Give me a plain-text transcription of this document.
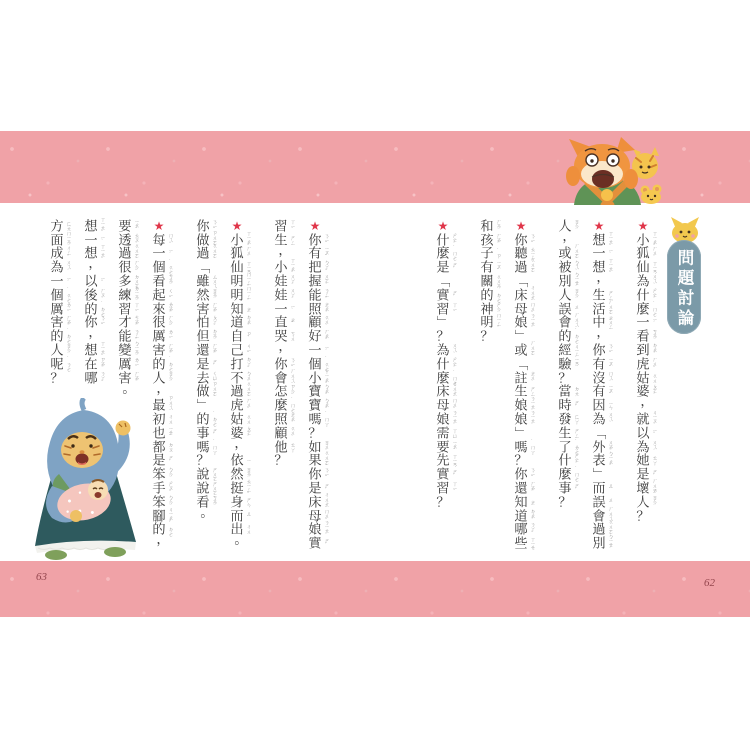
問題討論
★
小 ㄒㄧㄠˇ
狐 ㄏㄨˊ
仙 ㄒㄧㄢ
為 ㄨㄟˋ
什 ㄕㄜˊ
麼 ˙ㄇㄜ
一 ㄧˊ
看 ㄎㄢˋ
到 ㄉㄠˋ
虎 ㄏㄨˇ
姑 ㄍㄨ
婆 ㄆㄛˊ
，
就 ㄐㄧㄡˋ
以 ㄧˇ
為 ㄨㄟˊ
她 ㄊㄚ
是 ㄕˋ
壞 ㄏㄨㄞˋ
人 ㄖㄣˊ
？
★
想 ㄒㄧㄤˇ
一 ㄧˋ
想 ㄒㄧㄤˇ
，
生 ㄕㄥ
活 ㄏㄨㄛˊ
中 ㄓㄨㄥ
，
你 ㄋㄧˇ
有 ㄧㄡˇ
沒 ㄇㄟˊ
有 ㄧㄡˇ
因 ㄧㄣ
為 ㄨㄟˋ
「
外 ㄨㄞˋ
表 ㄅㄧㄠˇ
」
而 ㄦˊ
誤 ㄨˋ
會 ㄏㄨㄟˋ
過 ㄍㄨㄛˋ
別 ㄅㄧㄝˊ
人 ㄖㄣˊ
，
或 ㄏㄨㄛˋ
被 ㄅㄟˋ
別 ㄅㄧㄝˊ
人 ㄖㄣˊ
誤 ㄨˋ
會 ㄏㄨㄟˋ
的 ˙ㄉㄜ
經 ㄐㄧㄥ
驗 ㄧㄢˋ
？
當 ㄉㄤ
時 ㄕˊ
發 ㄈㄚ
生 ㄕㄥ
了 ˙ㄌㄜ
什 ㄕㄜˊ
麼 ˙ㄇㄜ
事 ㄕˋ
？
★
你 ㄋㄧˇ
聽 ㄊㄧㄥ
過 ㄍㄨㄛˋ
「
床 ㄔㄨㄤˊ
母 ㄇㄨˇ
娘 ㄋㄧㄤˊ
」
或 ㄏㄨㄛˋ
「
註 ㄓㄨˋ
生 ㄕㄥ
娘 ㄋㄧㄤˊ
娘 ㄋㄧㄤˊ
」
嗎 ˙ㄇㄚ
？
你 ㄋㄧˇ
還 ㄏㄞˊ
知 ㄓ
道 ㄉㄠˋ
哪 ㄋㄚˇ
些 ㄒㄧㄝ
和 ㄏㄢˋ
孩 ㄏㄞˊ
子 ˙ㄗ
有 ㄧㄡˇ
關 ㄍㄨㄢ
的 ˙ㄉㄜ
神 ㄕㄣˊ
明 ㄇㄧㄥˊ
？
★
什 ㄕㄜˊ
麼 ˙ㄇㄜ
是 ㄕˋ
「
實 ㄕˊ
習 ㄒㄧˊ
」
？
為 ㄨㄟˋ
什 ㄕㄜˊ
麼 ˙ㄇㄜ
床 ㄔㄨㄤˊ
母 ㄇㄨˇ
娘 ㄋㄧㄤˊ
需 ㄒㄩ
要 ㄧㄠˋ
先 ㄒㄧㄢ
實 ㄕˊ
習 ㄒㄧˊ
？
★
你 ㄋㄧˇ
有 ㄧㄡˇ
把 ㄅㄚˇ
握 ㄨㄛˋ
能 ㄋㄥˊ
照 ㄓㄠˋ
顧 ㄍㄨˋ
好 ㄏㄠˇ
一 ㄧˊ
個 ˙ㄍㄜ
小 ㄒㄧㄠˇ
寶 ㄅㄠˇ
寶 ㄅㄠˇ
嗎 ˙ㄇㄚ
？
如 ㄖㄨˊ
果 ㄍㄨㄛˇ
你 ㄋㄧˇ
是 ㄕˋ
床 ㄔㄨㄤˊ
母 ㄇㄨˇ
娘 ㄋㄧㄤˊ
實 ㄕˊ
習 ㄒㄧˊ
生 ㄕㄥ
，
小 ㄒㄧㄠˇ
娃 ㄨㄚˊ
娃 ㄨㄚˊ
一 ㄧˋ
直 ㄓˊ
哭 ㄎㄨ
，
你 ㄋㄧˇ
會 ㄏㄨㄟˋ
怎 ㄗㄣˇ
麼 ˙ㄇㄜ
照 ㄓㄠˋ
顧 ㄍㄨˋ
他 ㄊㄚ
？
★
小 ㄒㄧㄠˇ
狐 ㄏㄨˊ
仙 ㄒㄧㄢ
明 ㄇㄧㄥˊ
明 ㄇㄧㄥˊ
知 ㄓ
道 ㄉㄠˋ
自 ㄗˋ
己 ㄐㄧˇ
打 ㄉㄚˇ
不 ㄅㄨˊ
過 ㄍㄨㄛˋ
虎 ㄏㄨˇ
姑 ㄍㄨ
婆 ㄆㄛˊ
，
依 ㄧ
然 ㄖㄢˊ
挺 ㄊㄧㄥˇ
身 ㄕㄣ
而 ㄦˊ
出 ㄔㄨ
。
你 ㄋㄧˇ
做 ㄗㄨㄛˋ
過 ㄍㄨㄛˋ
「
雖 ㄙㄨㄟ
然 ㄖㄢˊ
害 ㄏㄞˋ
怕 ㄆㄚˋ
但 ㄉㄢˋ
還 ㄏㄞˊ
是 ㄕˋ
去 ㄑㄩˋ
做 ㄗㄨㄛˋ
」
的 ˙ㄉㄜ
事 ㄕˋ
嗎 ˙ㄇㄚ
？
說 ㄕㄨㄛ
說 ㄕㄨㄛ
看 ㄎㄢˋ
。
★
每 ㄇㄟˇ
一 ㄧˊ
個 ˙ㄍㄜ
看 ㄎㄢˋ
起 ㄑㄧˇ
來 ㄌㄞˊ
很 ㄏㄣˇ
厲 ㄌㄧˋ
害 ㄏㄞˋ
的 ˙ㄉㄜ
人 ㄖㄣˊ
，
最 ㄗㄨㄟˋ
初 ㄔㄨ
也 ㄧㄝˇ
都 ㄉㄡ
是 ㄕˋ
笨 ㄅㄣˋ
手 ㄕㄡˇ
笨 ㄅㄣˋ
腳 ㄐㄧㄠˇ
的 ˙ㄉㄜ
，
要 ㄧㄠˋ
透 ㄊㄡˋ
過 ㄍㄨㄛˋ
很 ㄏㄣˇ
多 ㄉㄨㄛ
練 ㄌㄧㄢˋ
習 ㄒㄧˊ
才 ㄘㄞˊ
能 ㄋㄥˊ
變 ㄅㄧㄢˋ
厲 ㄌㄧˋ
害 ㄏㄞˋ
。
想 ㄒㄧㄤˇ
一 ㄧˋ
想 ㄒㄧㄤˇ
，
以 ㄧˇ
後 ㄏㄡˋ
的 ˙ㄉㄜ
你 ㄋㄧˇ
，
想 ㄒㄧㄤˇ
在 ㄗㄞˋ
哪 ㄋㄚˇ
方 ㄈㄤ
面 ㄇㄧㄢˋ
成 ㄔㄥˊ
為 ㄨㄟˊ
一 ㄧˊ
個 ˙ㄍㄜ
厲 ㄌㄧˋ
害 ㄏㄞˋ
的 ˙ㄉㄜ
人 ㄖㄣˊ
呢 ˙ㄋㄜ
？
63	62
